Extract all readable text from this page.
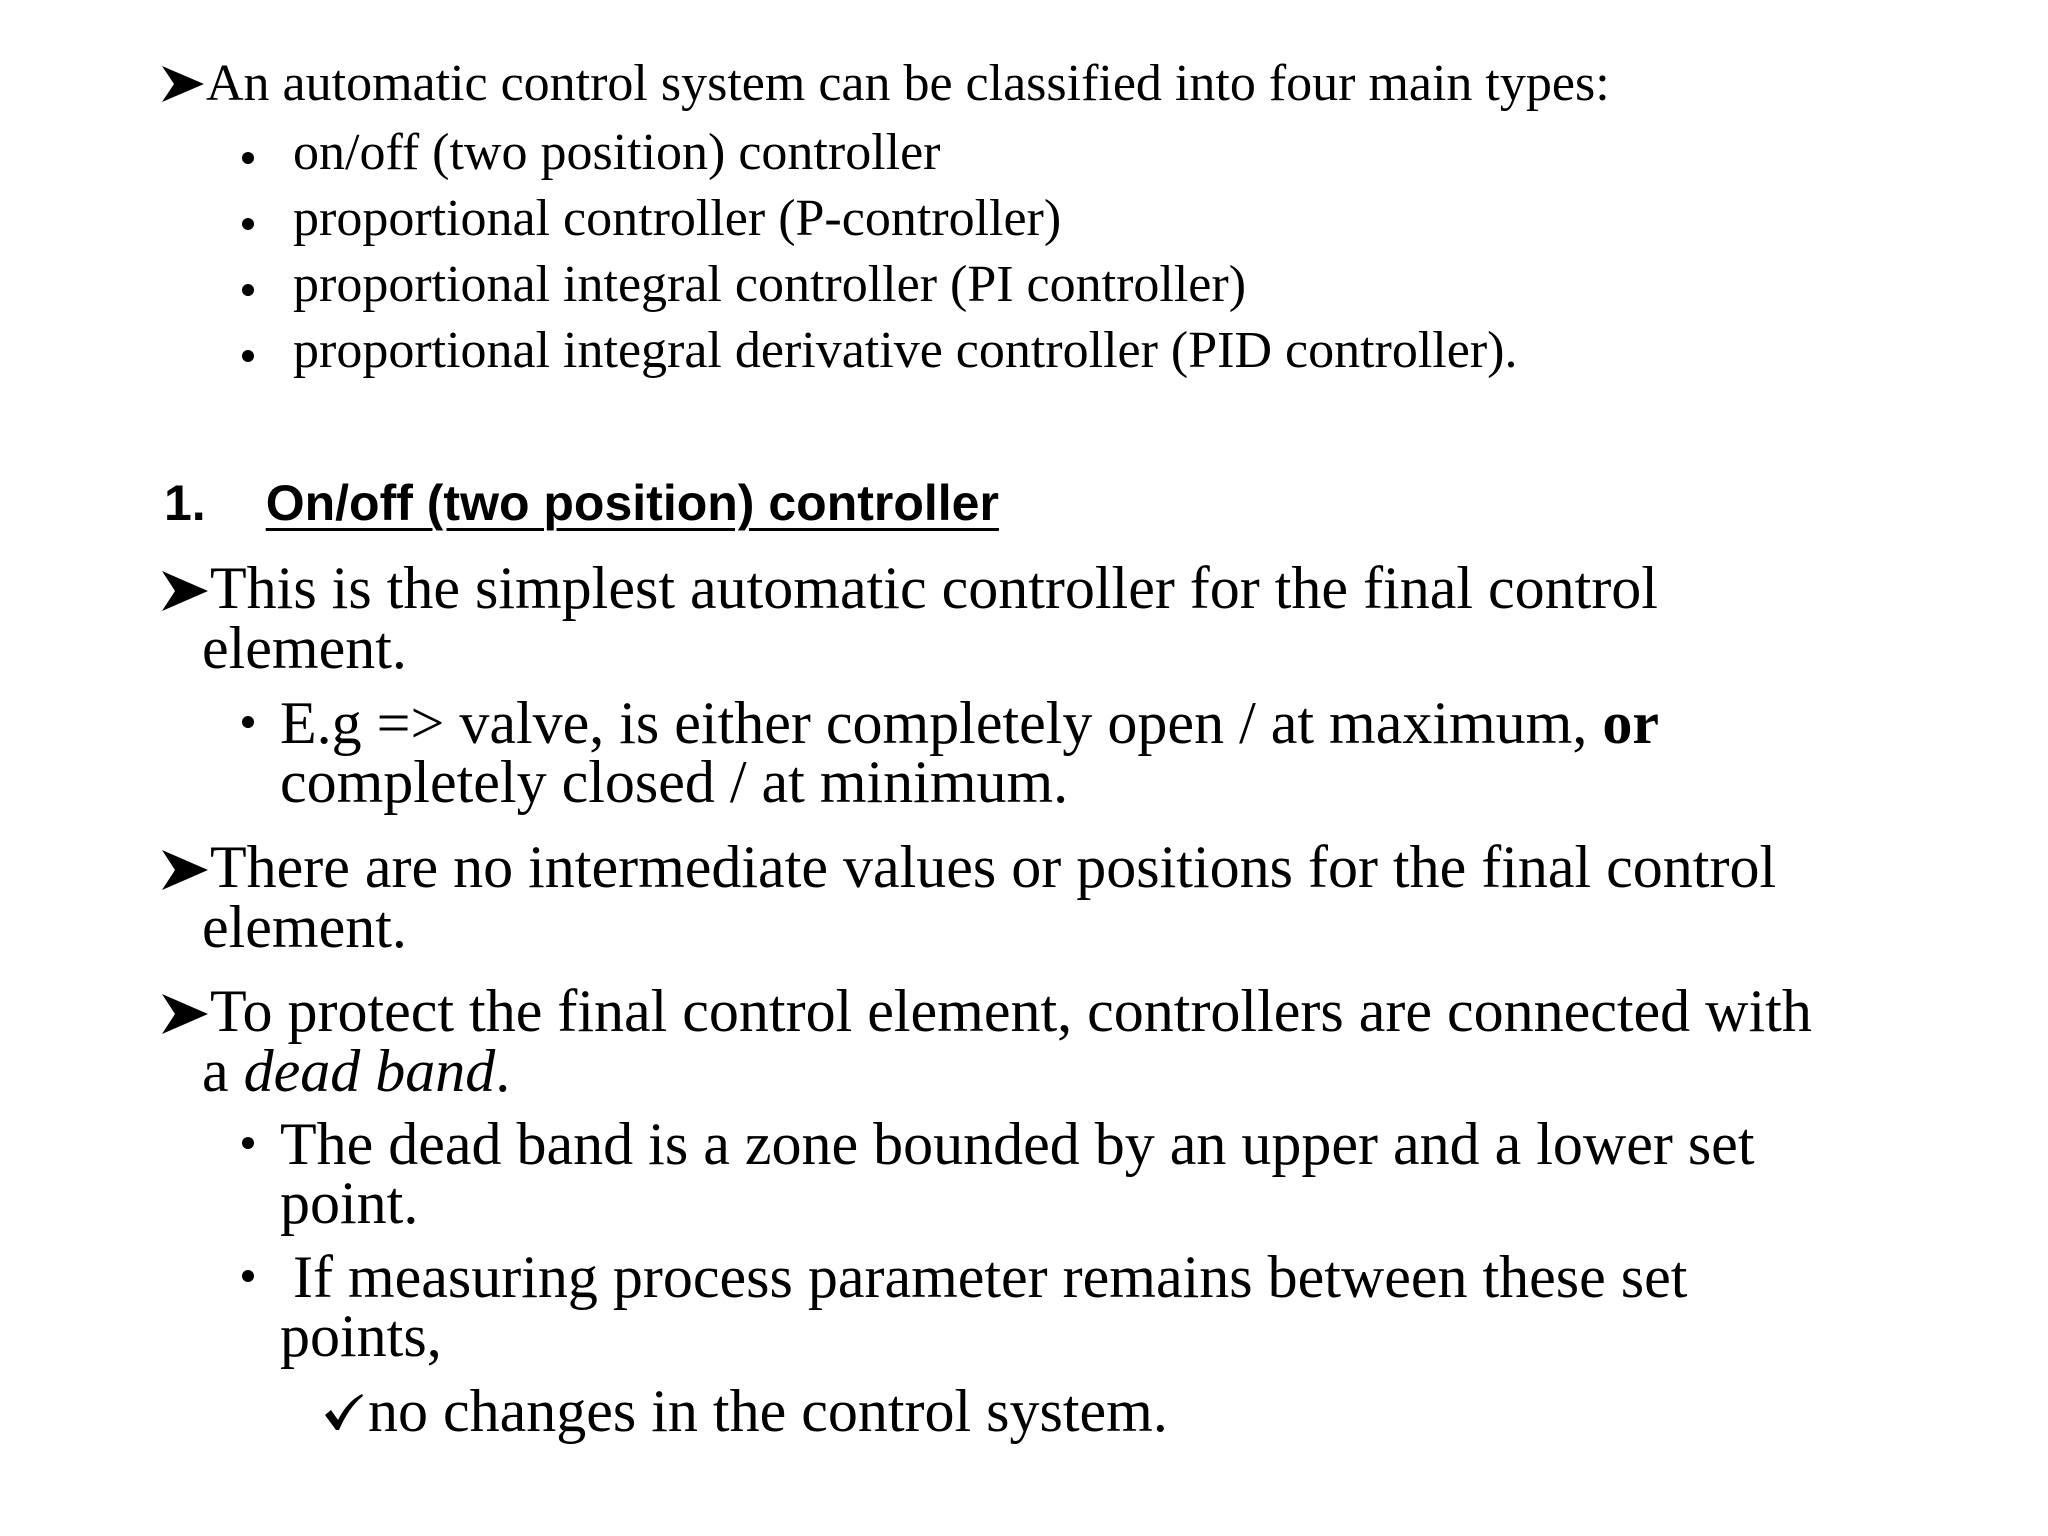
An automatic control system can be classified into four main types:
on/off (two position) controller
proportional controller (P-controller)
proportional integral controller (PI controller)
proportional integral derivative controller (PID controller).
1. On/off (two position) controller
This is the simplest automatic controller for the final control
element.
E.g => valve, is either completely open / at maximum, or
completely closed / at minimum.
There are no intermediate values or positions for the final control
element.
To protect the final control element, controllers are connected with
a dead band.
The dead band is a zone bounded by an upper and a lower set
point.
If measuring process parameter remains between these set
points,
no changes in the control system.
